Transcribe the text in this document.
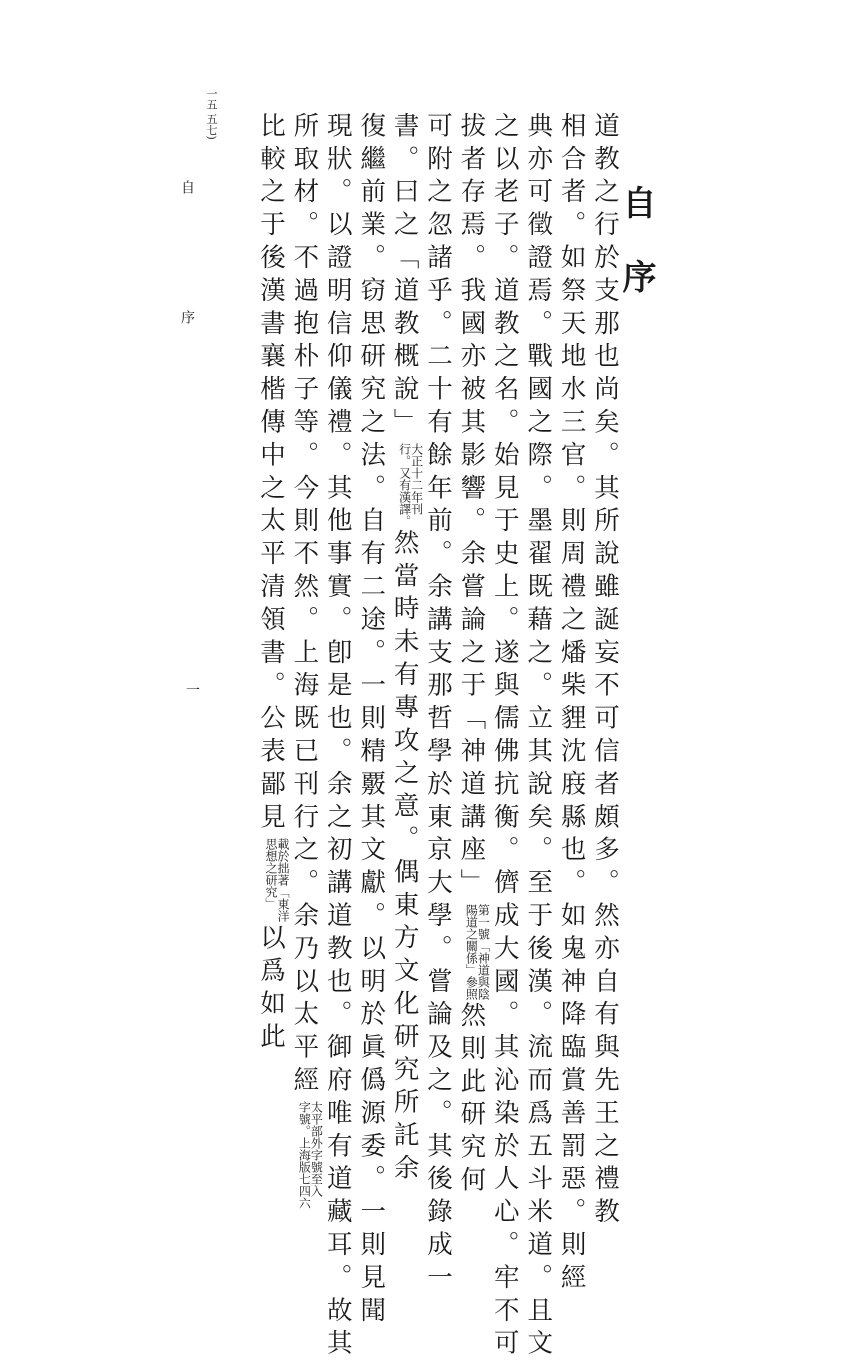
自序
道教之行於支那也尚矣。其所說雖誕妄不可信者頗多。然亦自有與先王之禮教
相合者。如祭天地水三官。則周禮之燔柴貍沈庪縣也。如鬼神降臨賞善罰惡。則經
典亦可徵證焉。戰國之際。墨翟既藉之。立其說矣。至于後漢。流而爲五斗米道。且文
之以老子。道教之名。始見于史上。遂與儒佛抗衡。儕成大國。其沁染於人心。牢不可
拔者存焉。我國亦被其影響。余嘗論之于「神道講座」
第一號「神道與陰
陽道之關係」參照
然則此研究何
可附之忽諸乎。二十有餘年前。余講支那哲學於東京大學。嘗論及之。其後錄成一
書。曰之「道教概說」
大正十二年刊
行。又有漢譯。
然當時未有專攻之意。偶東方文化研究所託余
復繼前業。窃思研究之法。自有二途。一則精覈其文獻。以明於眞僞源委。一則見聞
現狀。以證明信仰儀禮。其他事實。卽是也。余之初講道教也。御府唯有道藏耳。故其
所取材。不過抱朴子等。今則不然。上海既已刊行之。余乃以太平經
太平部外字號至入
字號。上海版七四六
比較之于後漢書襄楷傳中之太平清領書。公表鄙見
載於拙著「東洋
思想之研究」
以爲如此
一五 五七)
自
序
一
